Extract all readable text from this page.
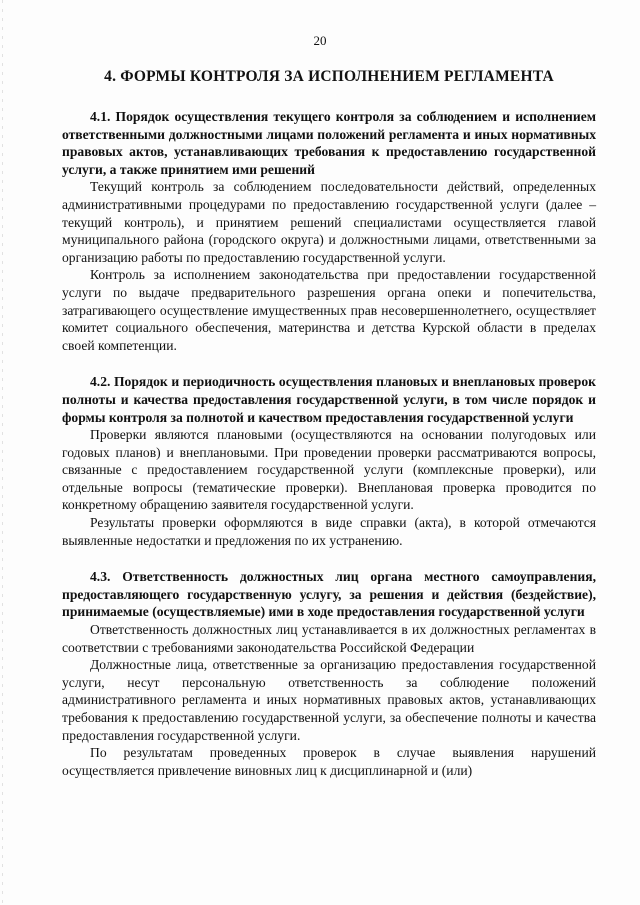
20
4. ФОРМЫ КОНТРОЛЯ ЗА ИСПОЛНЕНИЕМ РЕГЛАМЕНТА

4.1. Порядок осуществления текущего контроля за соблюдением и исполнением ответственными должностными лицами положений регламента и иных нормативных правовых актов, устанавливающих требования к предоставлению государственной услуги, а также принятием ими решений

Текущий контроль за соблюдением последовательности действий, определенных административными процедурами по предоставлению государственной услуги (далее – текущий контроль), и принятием решений специалистами осуществляется главой муниципального района (городского округа) и должностными лицами, ответственными за организацию работы по предоставлению государственной услуги.

Контроль за исполнением законодательства при предоставлении государственной услуги по выдаче предварительного разрешения органа опеки и попечительства, затрагивающего осуществление имущественных прав несовершеннолетнего, осуществляет комитет социального обеспечения, материнства и детства Курской области в пределах своей компетенции.

4.2. Порядок и периодичность осуществления плановых и внеплановых проверок полноты и качества предоставления государственной услуги, в том числе порядок и формы контроля за полнотой и качеством предоставления государственной услуги

Проверки являются плановыми (осуществляются на основании полугодовых или годовых планов) и внеплановыми. При проведении проверки рассматриваются вопросы, связанные с предоставлением государственной услуги (комплексные проверки), или отдельные вопросы (тематические проверки). Внеплановая проверка проводится по конкретному обращению заявителя государственной услуги.

Результаты проверки оформляются в виде справки (акта), в которой отмечаются выявленные недостатки и предложения по их устранению.

4.3. Ответственность должностных лиц органа местного самоуправления, предоставляющего государственную услугу, за решения и действия (бездействие), принимаемые (осуществляемые) ими в ходе предоставления государственной услуги

Ответственность должностных лиц устанавливается в их должностных регламентах в соответствии с требованиями законодательства Российской Федерации

Должностные лица, ответственные за организацию предоставления государственной услуги, несут персональную ответственность за соблюдение положений административного регламента и иных нормативных правовых актов, устанавливающих требования к предоставлению государственной услуги, за обеспечение полноты и качества предоставления государственной услуги.

По результатам проведенных проверок в случае выявления нарушений осуществляется привлечение виновных лиц к дисциплинарной и (или)
